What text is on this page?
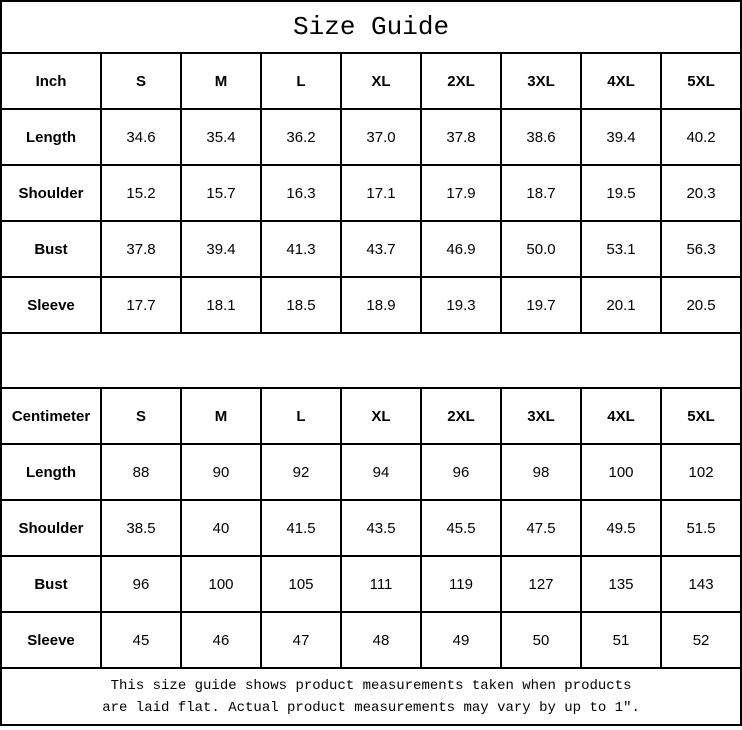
Size Guide								
Inch	S	M	L	XL	2XL	3XL	4XL	5XL
Length	34.6	35.4	36.2	37.0	37.8	38.6	39.4	40.2
Shoulder	15.2	15.7	16.3	17.1	17.9	18.7	19.5	20.3
Bust	37.8	39.4	41.3	43.7	46.9	50.0	53.1	56.3
Sleeve	17.7	18.1	18.5	18.9	19.3	19.7	20.1	20.5

Centimeter	S	M	L	XL	2XL	3XL	4XL	5XL
Length	88	90	92	94	96	98	100	102
Shoulder	38.5	40	41.5	43.5	45.5	47.5	49.5	51.5
Bust	96	100	105	111	119	127	135	143
Sleeve	45	46	47	48	49	50	51	52

This size guide shows product measurements taken when products
are laid flat. Actual product measurements may vary by up to 1″.								
